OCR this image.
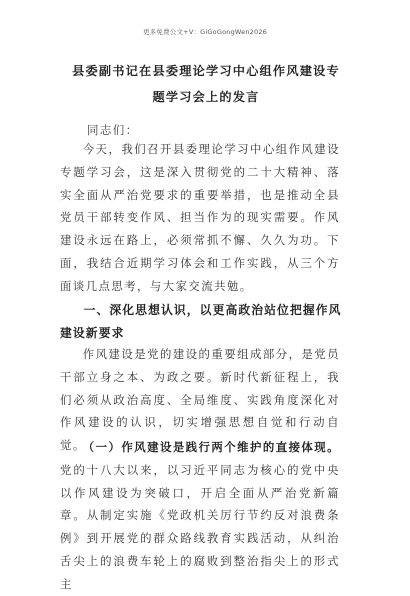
更多免费公文+V：GiGoGongWen2026
县委副书记在县委理论学习中心组作风建设专题学习会上的发言
同志们：

今天，我们召开县委理论学习中心组作风建设专题学习会，这是深入贯彻党的二十大精神、落实全面从严治党要求的重要举措，也是推动全县党员干部转变作风、担当作为的现实需要。作风建设永远在路上，必须常抓不懈、久久为功。下面，我结合近期学习体会和工作实践，从三个方面谈几点思考，与大家交流共勉。

一、深化思想认识，以更高政治站位把握作风建设新要求

作风建设是党的建设的重要组成部分，是党员干部立身之本、为政之要。新时代新征程上，我们必须从政治高度、全局维度、实践角度深化对作风建设的认识，切实增强思想自觉和行动自觉。

（一）作风建设是践行两个维护的直接体现。党的十八大以来，以习近平同志为核心的党中央以作风建设为突破口，开启全面从严治党新篇章。从制定实施《党政机关厉行节约反对浪费条例》到开展党的群众路线教育实践活动，从纠治舌尖上的浪费车轮上的腐败到整治指尖上的形式主
